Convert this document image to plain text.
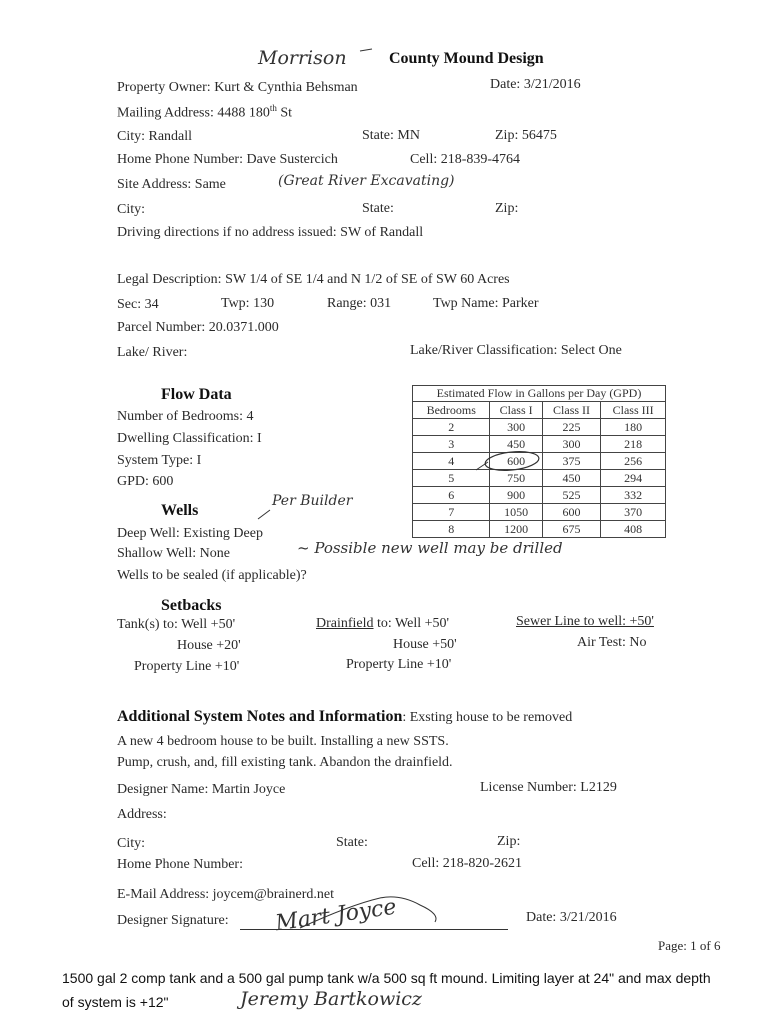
Morrison	County Mound Design
Property Owner: Kurt & Cynthia Behsman	Date: 3/21/2016
Mailing Address: 4488 180th St
City: Randall	State: MN	Zip: 56475
Home Phone Number: Dave Sustercich	Cell: 218-839-4764
Site Address: Same	(Great River Excavating)
City:	State:	Zip:
Driving directions if no address issued: SW of Randall
Legal Description: SW 1/4 of SE 1/4 and N 1/2 of SE of SW 60 Acres
Sec: 34	Twp: 130	Range: 031	Twp Name: Parker
Parcel Number: 20.0371.000
Lake/ River:	Lake/River Classification: Select One
Flow Data
Number of Bedrooms: 4
Dwelling Classification: I
System Type: I
GPD: 600
Estimated Flow in Gallons per Day (GPD)			
Bedrooms	Class I	Class II	Class III
2	300	225	180
3	450	300	218
4	600	375	256
5	750	450	294
6	900	525	332
7	1050	600	370
8	1200	675	408
Wells
Per Builder
Deep Well: Existing Deep
Shallow Well: None	~ Possible new well may be drilled
Wells to be sealed (if applicable)?
Setbacks
Tank(s) to: Well +50'
House +20'
Property Line +10'
Drainfield to: Well +50'
House +50'
Property Line +10'
Sewer Line to well: +50'
Air Test: No
Additional System Notes and Information: Exsting house to be removed
A new 4 bedroom house to be built. Installing a new SSTS.
Pump, crush, and, fill existing tank. Abandon the drainfield.
Designer Name: Martin Joyce	License Number: L2129
Address:
City:	State:	Zip:
Home Phone Number:	Cell: 218-820-2621
E-Mail Address: joycem@brainerd.net
Designer Signature: Mart Joyce	Date: 3/21/2016
Page: 1 of 6
1500 gal 2 comp tank and a 500 gal pump tank w/a 500 sq ft mound. Limiting layer at 24" and max depth
of system is +12"	Jeremy Bartkowicz
